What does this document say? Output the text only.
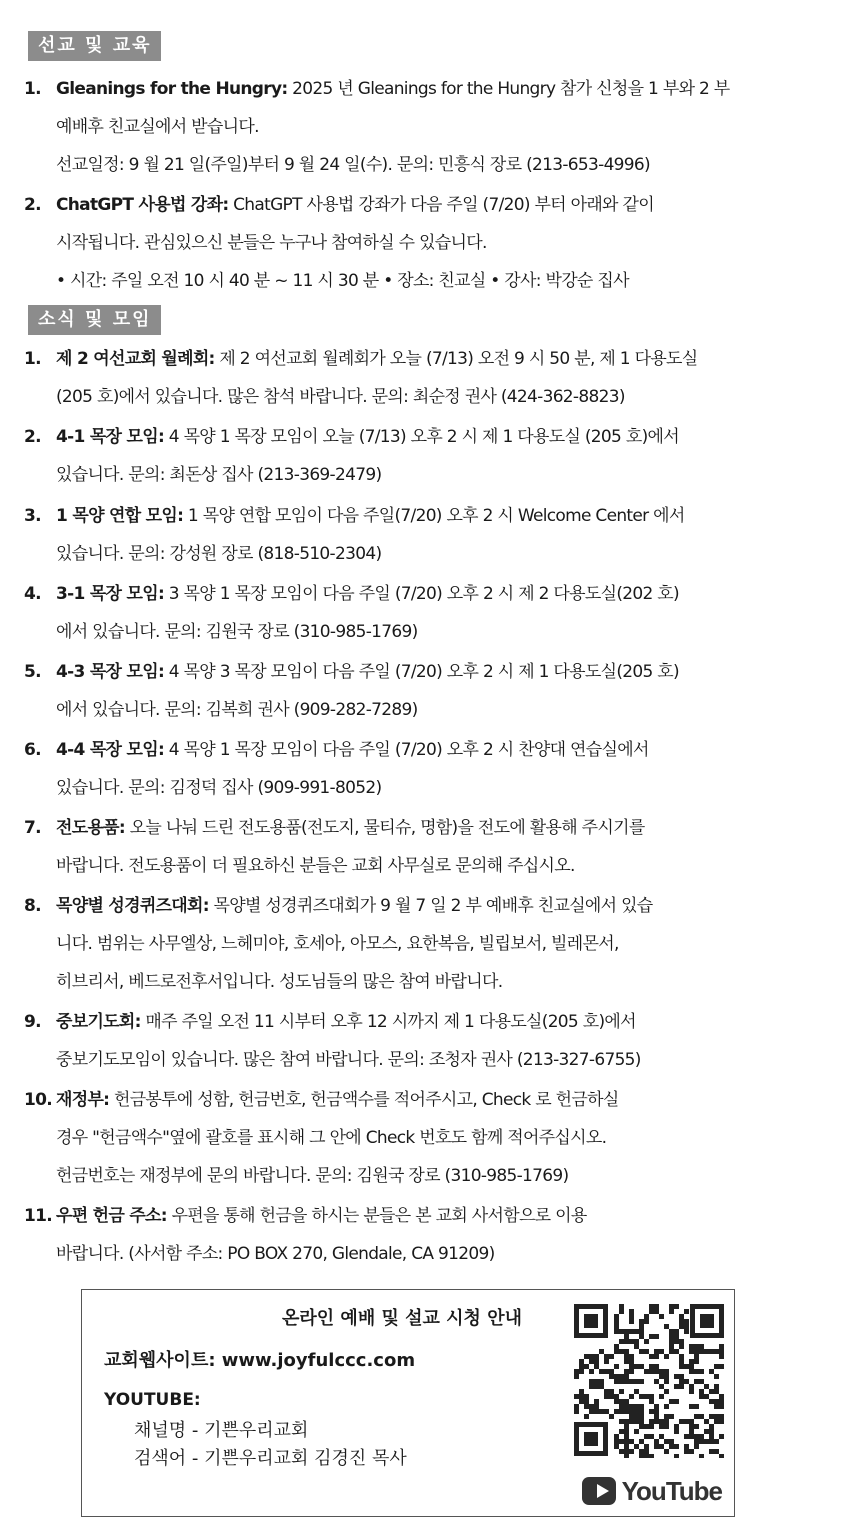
선교 및 교육
1. Gleanings for the Hungry: 2025 년 Gleanings for the Hungry 참가 신청을 1 부와 2 부
예배후 친교실에서 받습니다.
선교일정: 9 월 21 일(주일)부터 9 월 24 일(수). 문의: 민흥식 장로 (213-653-4996)
2. ChatGPT 사용법 강좌: ChatGPT 사용법 강좌가 다음 주일 (7/20) 부터 아래와 같이
시작됩니다. 관심있으신 분들은 누구나 참여하실 수 있습니다.
• 시간: 주일 오전 10 시 40 분 ~ 11 시 30 분 • 장소: 친교실 • 강사: 박강순 집사
소식 및 모임
1. 제 2 여선교회 월례회: 제 2 여선교회 월례회가 오늘 (7/13) 오전 9 시 50 분, 제 1 다용도실
(205 호)에서 있습니다. 많은 참석 바랍니다. 문의: 최순정 권사 (424-362-8823)
2. 4-1 목장 모임: 4 목양 1 목장 모임이 오늘 (7/13) 오후 2 시 제 1 다용도실 (205 호)에서
있습니다. 문의: 최돈상 집사 (213-369-2479)
3. 1 목양 연합 모임: 1 목양 연합 모임이 다음 주일(7/20) 오후 2 시 Welcome Center 에서
있습니다. 문의: 강성원 장로 (818-510-2304)
4. 3-1 목장 모임: 3 목양 1 목장 모임이 다음 주일 (7/20) 오후 2 시 제 2 다용도실(202 호)
에서 있습니다. 문의: 김원국 장로 (310-985-1769)
5. 4-3 목장 모임: 4 목양 3 목장 모임이 다음 주일 (7/20) 오후 2 시 제 1 다용도실(205 호)
에서 있습니다. 문의: 김복희 권사 (909-282-7289)
6. 4-4 목장 모임: 4 목양 1 목장 모임이 다음 주일 (7/20) 오후 2 시 찬양대 연습실에서
있습니다. 문의: 김정덕 집사 (909-991-8052)
7. 전도용품: 오늘 나눠 드린 전도용품(전도지, 물티슈, 명함)을 전도에 활용해 주시기를
바랍니다. 전도용품이 더 필요하신 분들은 교회 사무실로 문의해 주십시오.
8. 목양별 성경퀴즈대회: 목양별 성경퀴즈대회가 9 월 7 일 2 부 예배후 친교실에서 있습
니다. 범위는 사무엘상, 느헤미야, 호세아, 아모스, 요한복음, 빌립보서, 빌레몬서,
히브리서, 베드로전후서입니다. 성도님들의 많은 참여 바랍니다.
9. 중보기도회: 매주 주일 오전 11 시부터 오후 12 시까지 제 1 다용도실(205 호)에서
중보기도모임이 있습니다. 많은 참여 바랍니다. 문의: 조청자 권사 (213-327-6755)
10. 재정부: 헌금봉투에 성함, 헌금번호, 헌금액수를 적어주시고, Check 로 헌금하실
경우 "헌금액수"옆에 괄호를 표시해 그 안에 Check 번호도 함께 적어주십시오.
헌금번호는 재정부에 문의 바랍니다. 문의: 김원국 장로 (310-985-1769)
11. 우편 헌금 주소: 우편을 통해 헌금을 하시는 분들은 본 교회 사서함으로 이용
바랍니다. (사서함 주소: PO BOX 270, Glendale, CA 91209)
온라인 예배 및 설교 시청 안내
교회웹사이트: www.joyfulccc.com
YOUTUBE:
채널명 - 기쁜우리교회
검색어 - 기쁜우리교회 김경진 목사
YouTube
